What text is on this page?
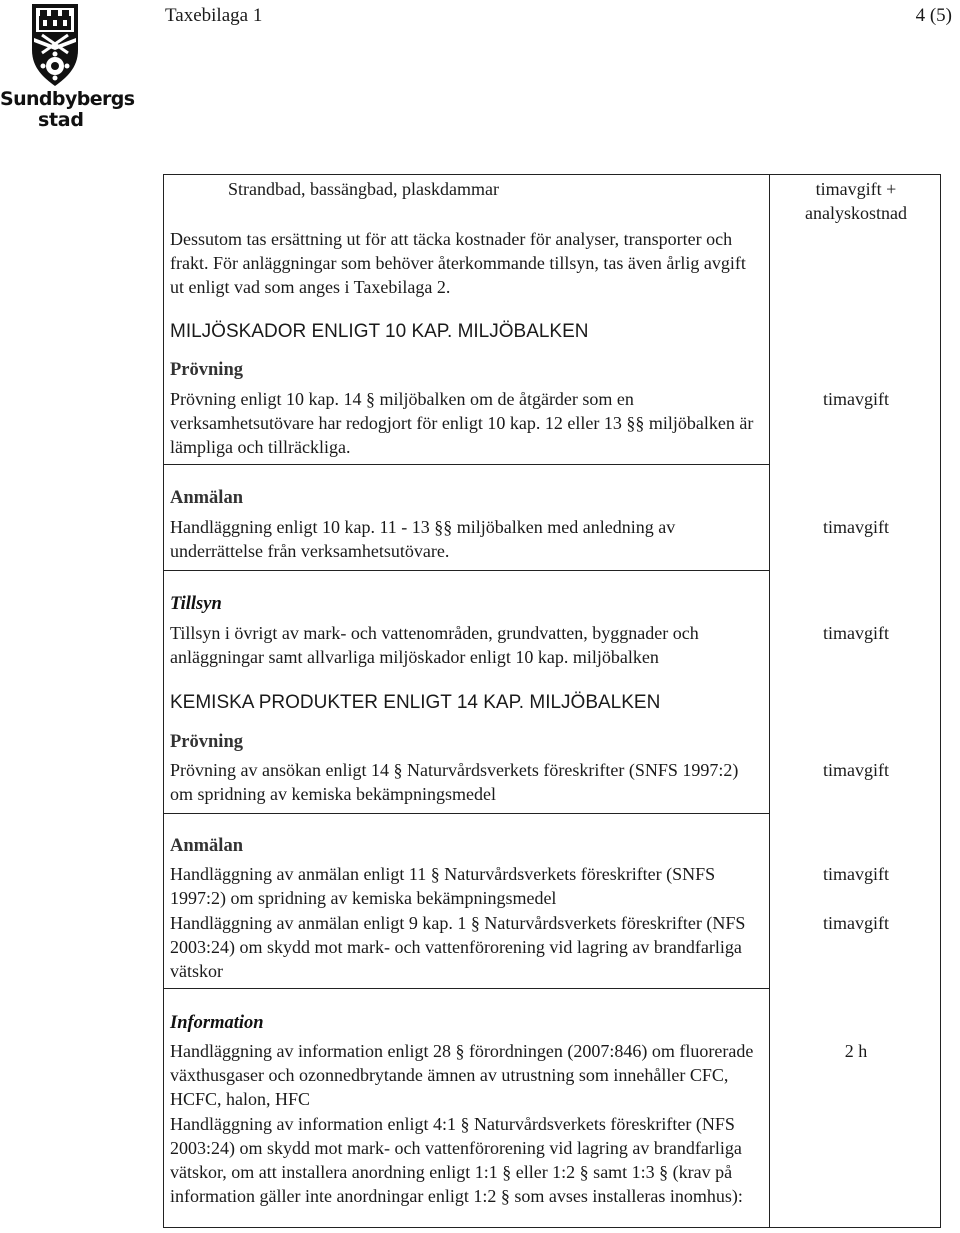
Sundbybergs
stad
Taxebilaga 1	4 (5)
Strandbad, bassängbad, plaskdammar	timavgift + analyskostnad
Dessutom tas ersättning ut för att täcka kostnader för analyser, transporter och frakt. För anläggningar som behöver återkommande tillsyn, tas även årlig avgift ut enligt vad som anges i Taxebilaga 2.
MILJÖSKADOR ENLIGT 10 KAP. MILJÖBALKEN
Prövning
Prövning enligt 10 kap. 14 § miljöbalken om de åtgärder som en verksamhetsutövare har redogjort för enligt 10 kap. 12 eller 13 §§ miljöbalken är lämpliga och tillräckliga.
timavgift
Anmälan
Handläggning enligt 10 kap. 11 - 13 §§ miljöbalken med anledning av underrättelse från verksamhetsutövare.
timavgift
Tillsyn
Tillsyn i övrigt av mark- och vattenområden, grundvatten, byggnader och anläggningar samt allvarliga miljöskador enligt 10 kap. miljöbalken
timavgift
KEMISKA PRODUKTER ENLIGT 14 KAP. MILJÖBALKEN
Prövning
Prövning av ansökan enligt 14 § Naturvårdsverkets föreskrifter (SNFS 1997:2) om spridning av kemiska bekämpningsmedel
timavgift
Anmälan
Handläggning av anmälan enligt 11 § Naturvårdsverkets föreskrifter (SNFS 1997:2) om spridning av kemiska bekämpningsmedel
timavgift
Handläggning av anmälan enligt 9 kap. 1 § Naturvårdsverkets föreskrifter (NFS 2003:24) om skydd mot mark- och vattenförorening vid lagring av brandfarliga vätskor
timavgift
Information
Handläggning av information enligt 28 § förordningen (2007:846) om fluorerade växthusgaser och ozonnedbrytande ämnen av utrustning som innehåller CFC, HCFC, halon, HFC
2 h
Handläggning av information enligt 4:1 § Naturvårdsverkets föreskrifter (NFS 2003:24) om skydd mot mark- och vattenförorening vid lagring av brandfarliga vätskor, om att installera anordning enligt 1:1 § eller 1:2 § samt 1:3 § (krav på information gäller inte anordningar enligt 1:2 § som avses installeras inomhus):
